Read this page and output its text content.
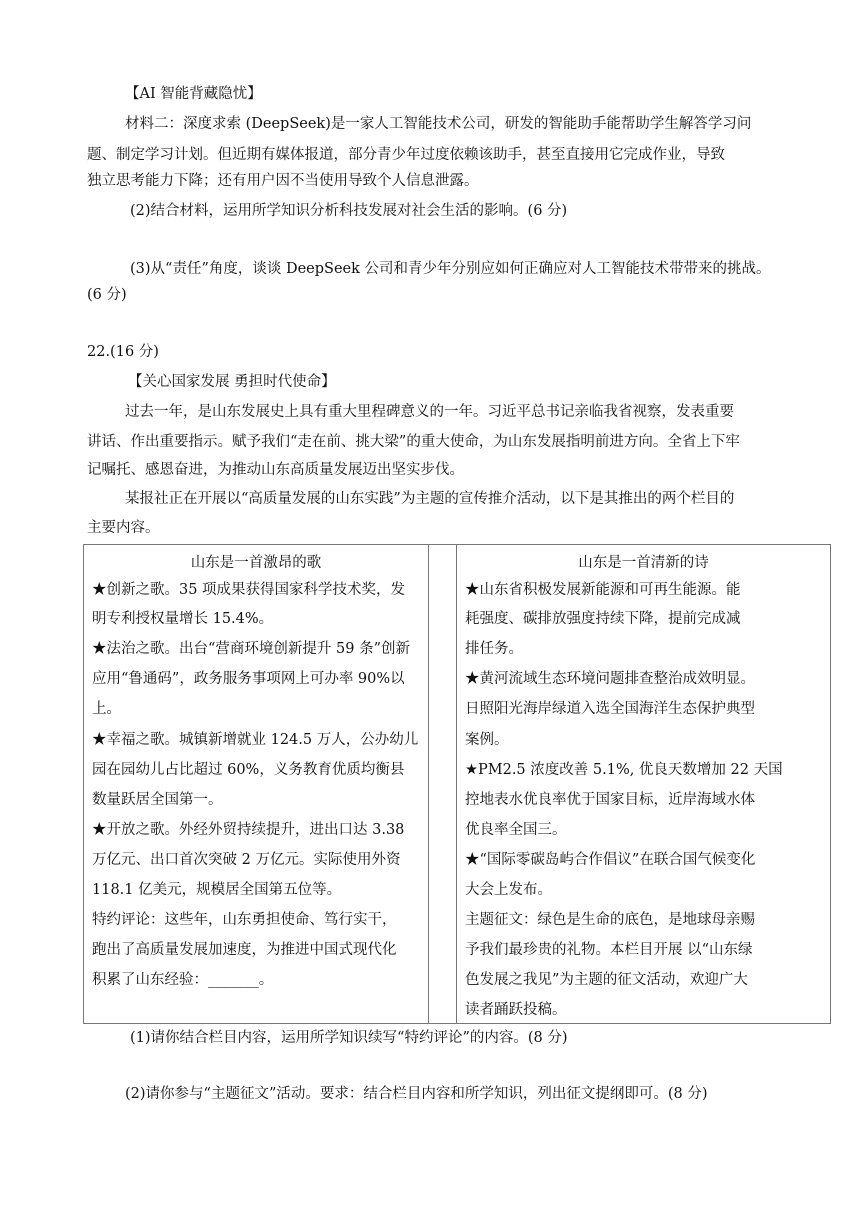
【AI 智能背藏隐忧】
材料二：深度求索 (DeepSeek)是一家人工智能技术公司，研发的智能助手能帮助学生解答学习问
题、制定学习计划。但近期有媒体报道，部分青少年过度依赖该助手，甚至直接用它完成作业，导致
独立思考能力下降；还有用户因不当使用导致个人信息泄露。
(2)结合材料，运用所学知识分析科技发展对社会生活的影响。(6 分)
(3)从“责任”角度，谈谈 DeepSeek 公司和青少年分别应如何正确应对人工智能技术带带来的挑战。
(6 分)
22.(16 分)
【关心国家发展 勇担时代使命】
过去一年，是山东发展史上具有重大里程碑意义的一年。习近平总书记亲临我省视察，发表重要
讲话、作出重要指示。赋予我们“走在前、挑大梁”的重大使命，为山东发展指明前进方向。全省上下牢
记嘱托、感恩奋进，为推动山东高质量发展迈出坚实步伐。
某报社正在开展以“高质量发展的山东实践”为主题的宣传推介活动，以下是其推出的两个栏目的
主要内容。
山东是一首激昂的歌
★创新之歌。35 项成果获得国家科学技术奖，发
明专利授权量增长 15.4%。
★法治之歌。出台“营商环境创新提升 59 条”创新
应用“鲁通码”，政务服务事项网上可办率 90%以
上。
★幸福之歌。城镇新增就业 124.5 万人，公办幼儿
园在园幼儿占比超过 60%，义务教育优质均衡县
数量跃居全国第一。
★开放之歌。外经外贸持续提升，进出口达 3.38
万亿元、出口首次突破 2 万亿元。实际使用外资
118.1 亿美元，规模居全国第五位等。
特约评论：这些年，山东勇担使命、笃行实干，
跑出了高质量发展加速度，为推进中国式现代化
积累了山东经验：_______。
山东是一首清新的诗
★山东省积极发展新能源和可再生能源。能
耗强度、碳排放强度持续下降，提前完成减
排任务。
★黄河流域生态环境问题排查整治成效明显。
日照阳光海岸绿道入选全国海洋生态保护典型
案例。
★PM2.5 浓度改善 5.1%, 优良天数增加 22 天国
控地表水优良率优于国家目标，近岸海域水体
优良率全国三。
★“国际零碳岛屿合作倡议”在联合国气候变化
大会上发布。
主题征文：绿色是生命的底色，是地球母亲赐
予我们最珍贵的礼物。本栏目开展 以“山东绿
色发展之我见”为主题的征文活动，欢迎广大
读者踊跃投稿。
(1)请你结合栏目内容，运用所学知识续写“特约评论”的内容。(8 分)
(2)请你参与“主题征文”活动。要求：结合栏目内容和所学知识，列出征文提纲即可。(8 分)
